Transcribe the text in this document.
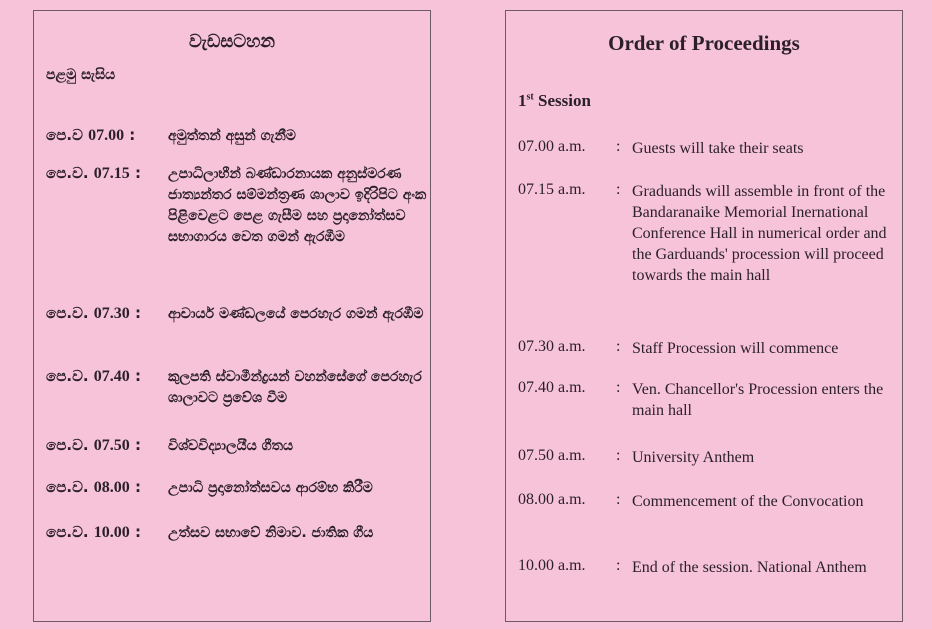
වැඩසටහන
පළමු සැසිය
පෙ.ව 07.00 :	අමුත්තන් අසුන් ගැනීම
පෙ.ව. 07.15 :	උපාධිලාභීන් බණ්ඩාරනායක අනුස්මරණ ජාත්‍යන්තර සම්මන්ත්‍රණ ශාලාව ඉදිරිපිට අංක පිළිවෙළට පෙළ ගැසීම සහ ප්‍රදානෝත්සව සභාගාරය වෙත ගමන් ඇරඹීම
පෙ.ව. 07.30 :	ආචාර්ය මණ්ඩලයේ පෙරහැර ගමන් ඇරඹීම
පෙ.ව. 07.40 :	කුලපති ස්වාමීන්ද්‍රයන් වහන්සේගේ පෙරහැර ශාලාවට ප්‍රවේශ වීම
පෙ.ව. 07.50 :	විශ්වවිද්‍යාලයීය ගීතය
පෙ.ව. 08.00 :	උපාධි ප්‍රදානෝත්සවය ආරම්භ කිරීම
පෙ.ව. 10.00 :	උත්සව සභාවේ නිමාව. ජාතික ගීය
Order of Proceedings
1st Session
07.00 a.m.	: Guests will take their seats
07.15 a.m.	: Graduands will assemble in front of the Bandaranaike Memorial Inernational Conference Hall in numerical order and the Garduands' procession will proceed towards the main hall
07.30 a.m.	: Staff Procession will commence
07.40 a.m.	: Ven. Chancellor's Procession enters the main hall
07.50 a.m.	: University Anthem
08.00 a.m.	: Commencement of the Convocation
10.00 a.m.	: End of the session. National Anthem
